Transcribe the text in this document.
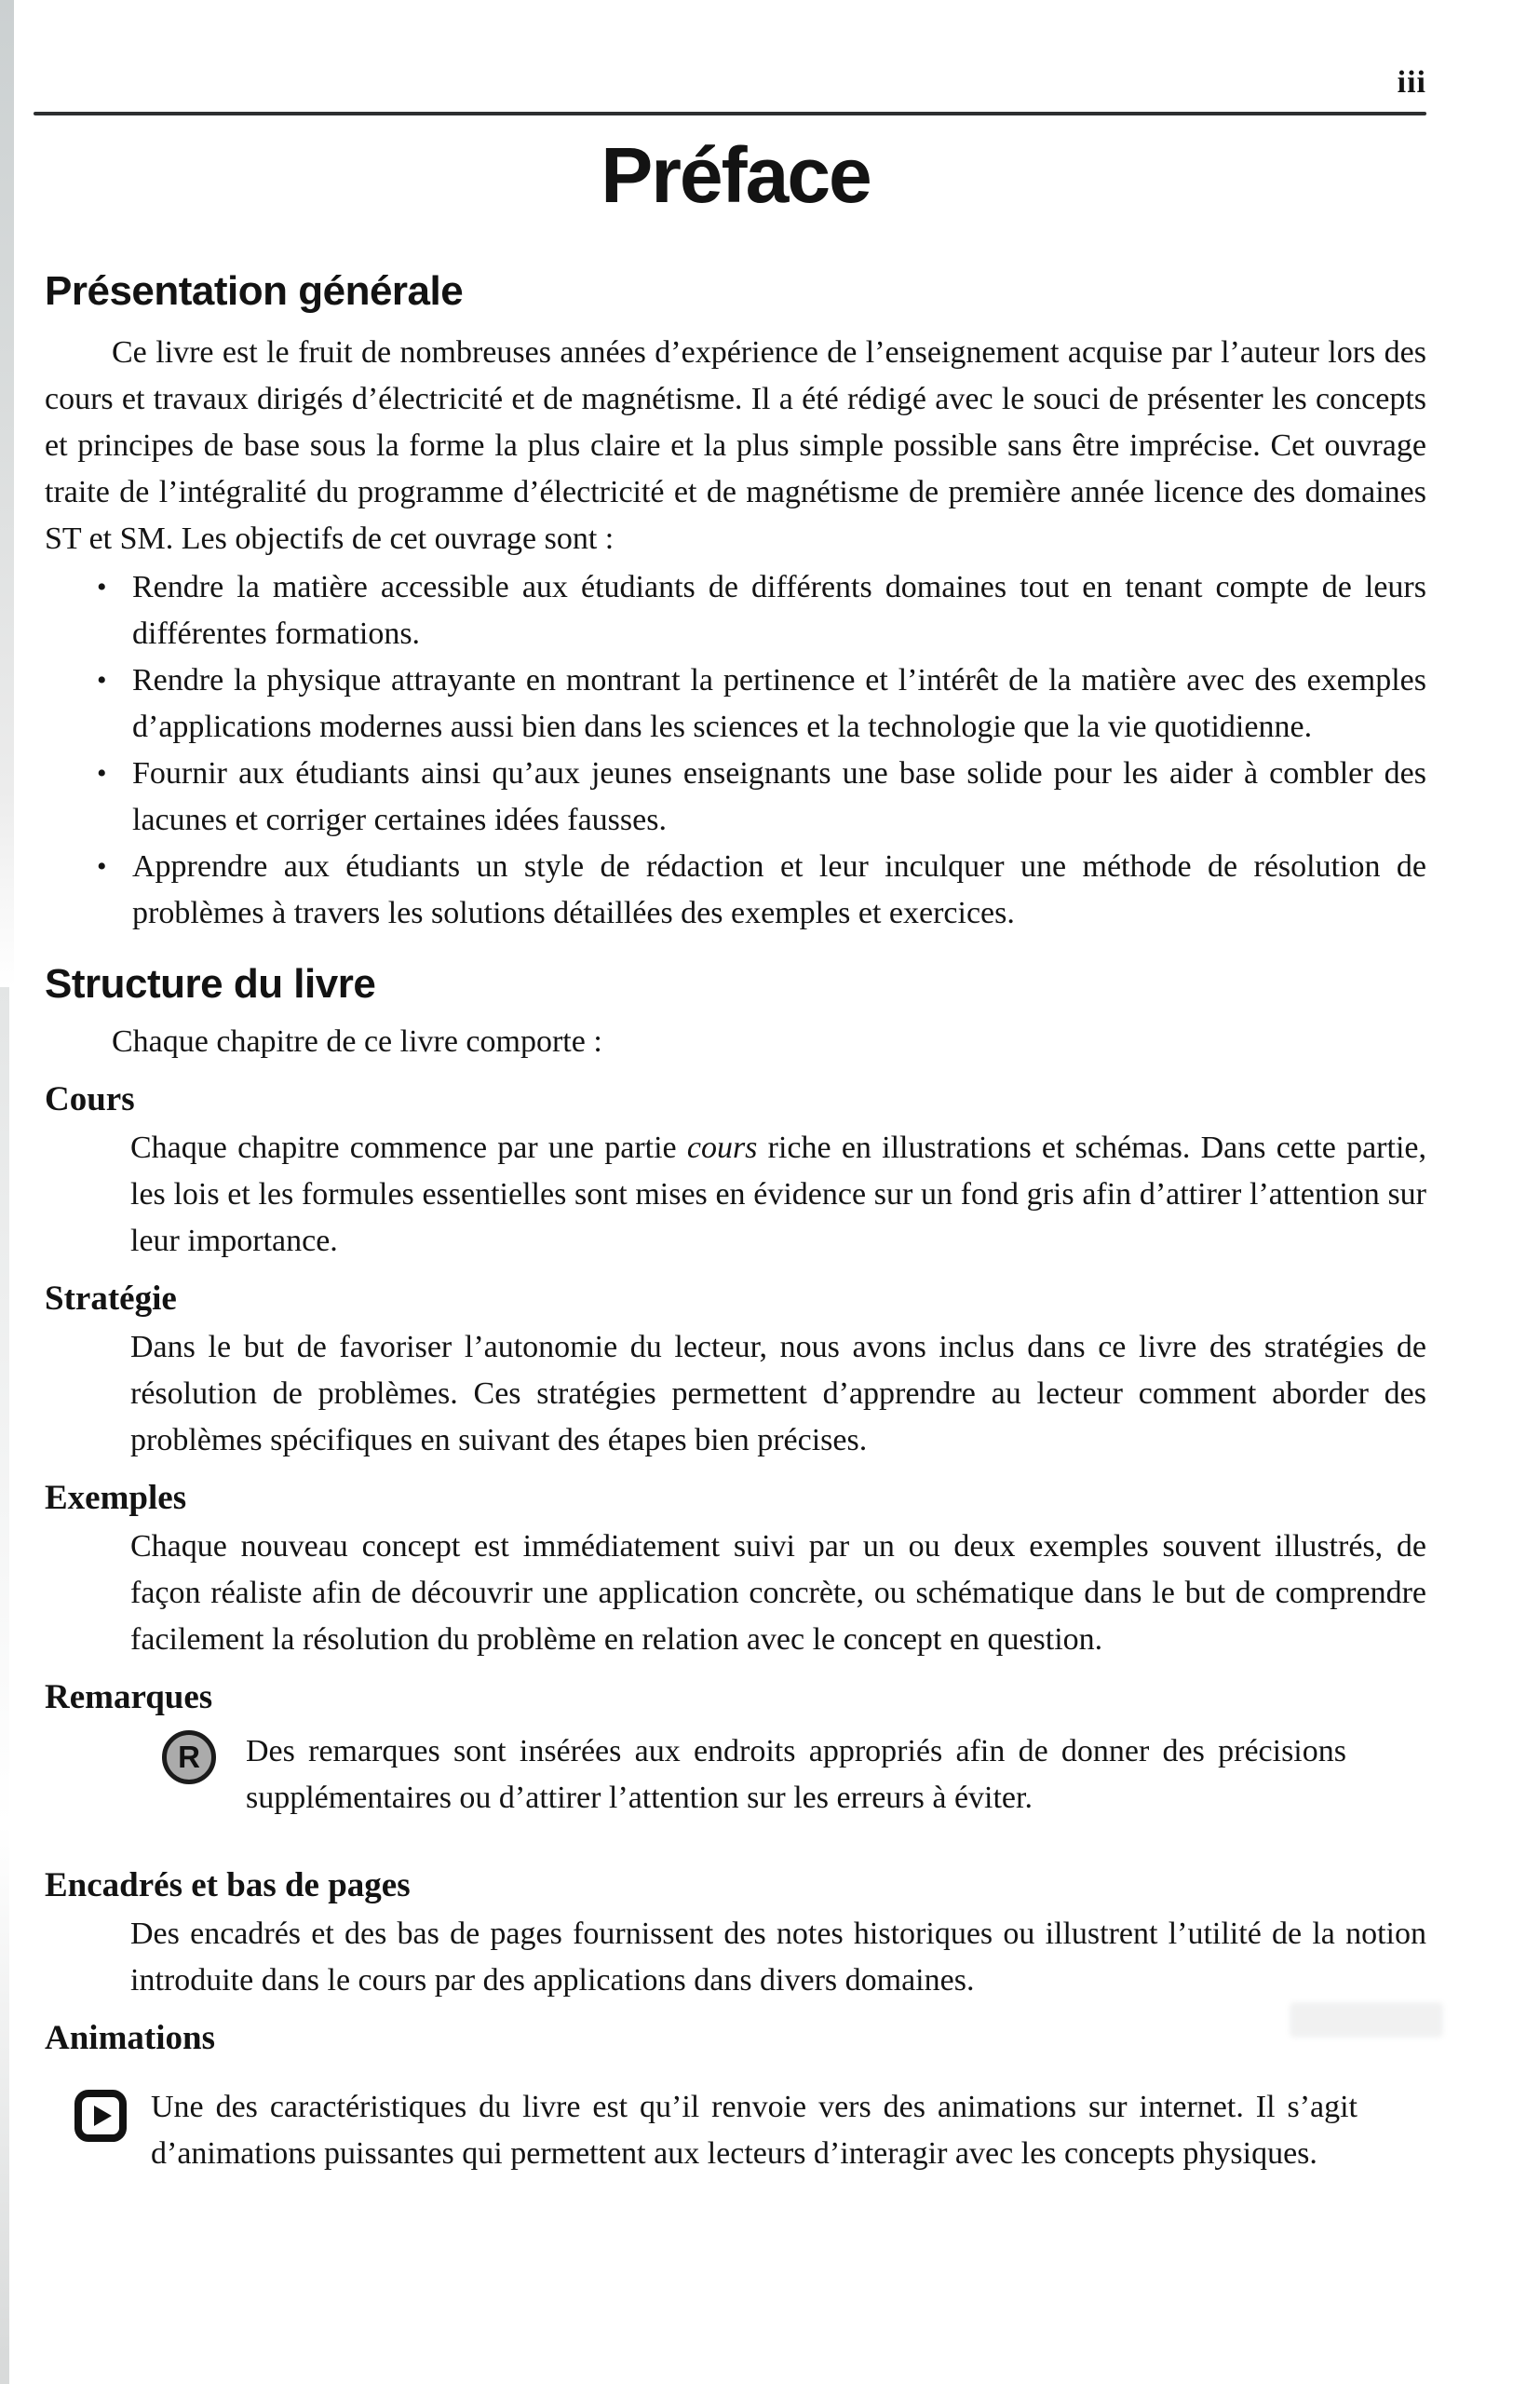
iii
Préface
Présentation générale

Ce livre est le fruit de nombreuses années d’expérience de l’enseignement acquise par l’auteur lors des cours et travaux dirigés d’électricité et de magnétisme. Il a été rédigé avec le souci de présenter les concepts et principes de base sous la forme la plus claire et la plus simple possible sans être imprécise. Cet ouvrage traite de l’intégralité du programme d’électricité et de magnétisme de première année licence des domaines ST et SM. Les objectifs de cet ouvrage sont :

• Rendre la matière accessible aux étudiants de différents domaines tout en tenant compte de leurs différentes formations.
• Rendre la physique attrayante en montrant la pertinence et l’intérêt de la matière avec des exemples d’applications modernes aussi bien dans les sciences et la technologie que la vie quotidienne.
• Fournir aux étudiants ainsi qu’aux jeunes enseignants une base solide pour les aider à combler des lacunes et corriger certaines idées fausses.
• Apprendre aux étudiants un style de rédaction et leur inculquer une méthode de résolution de problèmes à travers les solutions détaillées des exemples et exercices.
Structure du livre

Chaque chapitre de ce livre comporte :

Cours

Chaque chapitre commence par une partie cours riche en illustrations et schémas. Dans cette partie, les lois et les formules essentielles sont mises en évidence sur un fond gris afin d’attirer l’attention sur leur importance.

Stratégie

Dans le but de favoriser l’autonomie du lecteur, nous avons inclus dans ce livre des stratégies de résolution de problèmes. Ces stratégies permettent d’apprendre au lecteur comment aborder des problèmes spécifiques en suivant des étapes bien précises.

Exemples

Chaque nouveau concept est immédiatement suivi par un ou deux exemples souvent illustrés, de façon réaliste afin de découvrir une application concrète, ou schématique dans le but de comprendre facilement la résolution du problème en relation avec le concept en question.

Remarques
R	Des remarques sont insérées aux endroits appropriés afin de donner des précisions supplémentaires ou d’attirer l’attention sur les erreurs à éviter.

Encadrés et bas de pages

Des encadrés et des bas de pages fournissent des notes historiques ou illustrent l’utilité de la notion introduite dans le cours par des applications dans divers domaines.

Animations

Une des caractéristiques du livre est qu’il renvoie vers des animations sur internet. Il s’agit d’animations puissantes qui permettent aux lecteurs d’interagir avec les concepts physiques.
